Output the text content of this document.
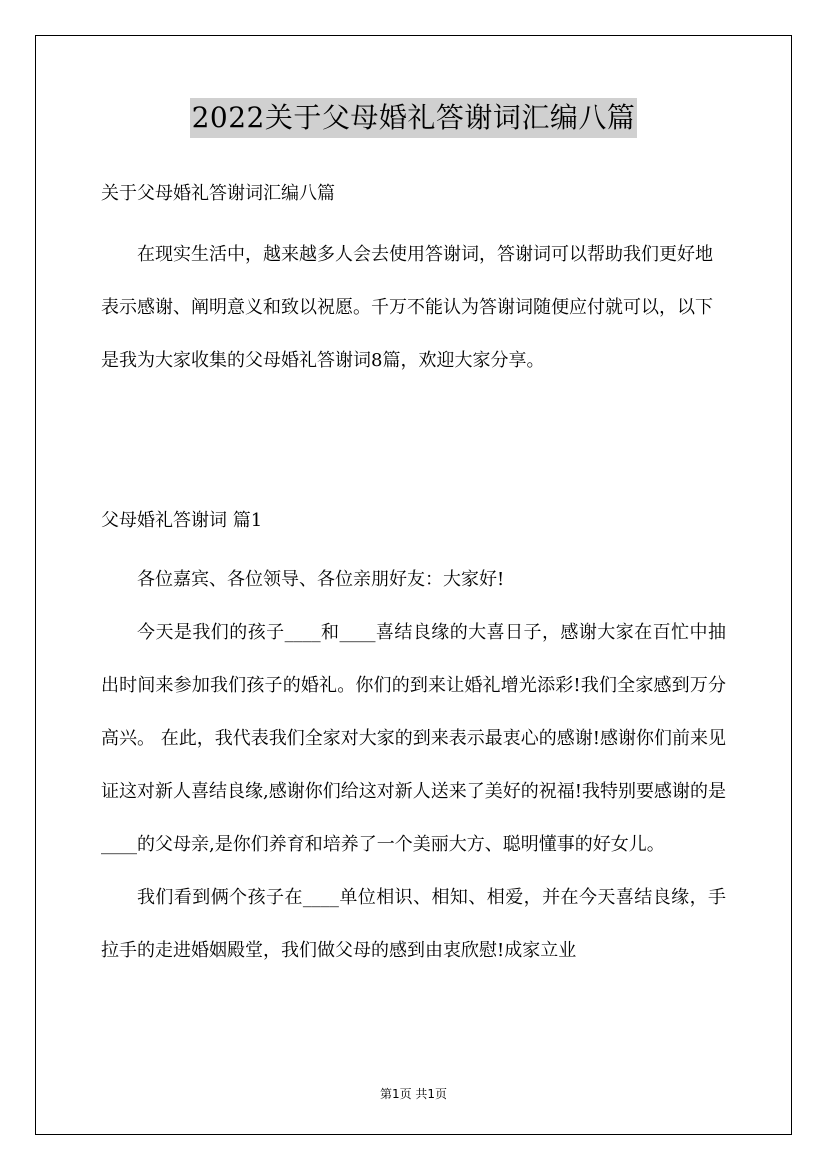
2022关于父母婚礼答谢词汇编八篇
关于父母婚礼答谢词汇编八篇
在现实生活中，越来越多人会去使用答谢词，答谢词可以帮助我们更好地表示感谢、阐明意义和致以祝愿。千万不能认为答谢词随便应付就可以，以下是我为大家收集的父母婚礼答谢词8篇，欢迎大家分享。
父母婚礼答谢词 篇1

各位嘉宾、各位领导、各位亲朋好友：大家好!

今天是我们的孩子____和____喜结良缘的大喜日子，感谢大家在百忙中抽出时间来参加我们孩子的婚礼。你们的到来让婚礼增光添彩!我们全家感到万分高兴。 在此，我代表我们全家对大家的到来表示最衷心的感谢!感谢你们前来见证这对新人喜结良缘,感谢你们给这对新人送来了美好的祝福!我特别要感谢的是____的父母亲,是你们养育和培养了一个美丽大方、聪明懂事的好女儿。

我们看到俩个孩子在____单位相识、相知、相爱，并在今天喜结良缘，手拉手的走进婚姻殿堂，我们做父母的感到由衷欣慰!成家立业

第1页 共1页
